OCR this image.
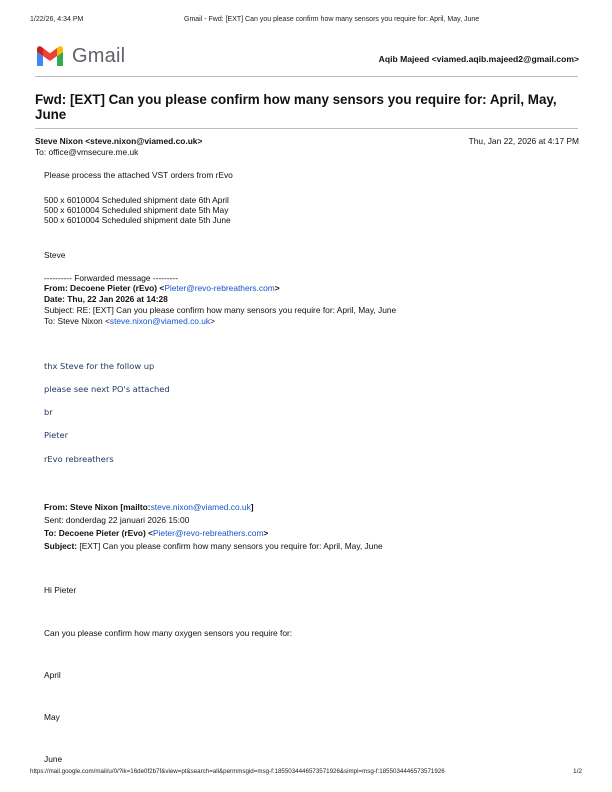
1/22/26, 4:34 PM	Gmail - Fwd: [EXT] Can you please confirm how many sensors you require for: April, May, June
Gmail	Aqib Majeed <viamed.aqib.majeed2@gmail.com>
Fwd: [EXT] Can you please confirm how many sensors you require for: April, May, June
Steve Nixon <steve.nixon@viamed.co.uk>	Thu, Jan 22, 2026 at 4:17 PM
To: office@vmsecure.me.uk
Please process the attached VST orders from rEvo
500 x 6010004 Scheduled shipment date 6th April
500 x 6010004 Scheduled shipment date 5th May
500 x 6010004 Scheduled shipment date 5th June
Steve
---------- Forwarded message ---------
From: Decoene Pieter (rEvo) <Pieter@revo-rebreathers.com>
Date: Thu, 22 Jan 2026 at 14:28
Subject: RE: [EXT] Can you please confirm how many sensors you require for: April, May, June
To: Steve Nixon <steve.nixon@viamed.co.uk>
thx Steve for the follow up
please see next PO's attached
br
Pieter
rEvo rebreathers
From: Steve Nixon [mailto:steve.nixon@viamed.co.uk]
Sent: donderdag 22 januari 2026 15:00
To: Decoene Pieter (rEvo) <Pieter@revo-rebreathers.com>
Subject: [EXT] Can you please confirm how many sensors you require for: April, May, June
Hi Pieter
Can you please confirm how many oxygen sensors you require for:
April
May
June
https://mail.google.com/mail/u/0/?ik=16de0f2b7f&view=pt&search=all&permmsgid=msg-f:1855034446573571926&simpl=msg-f:1855034446573571926	1/2
